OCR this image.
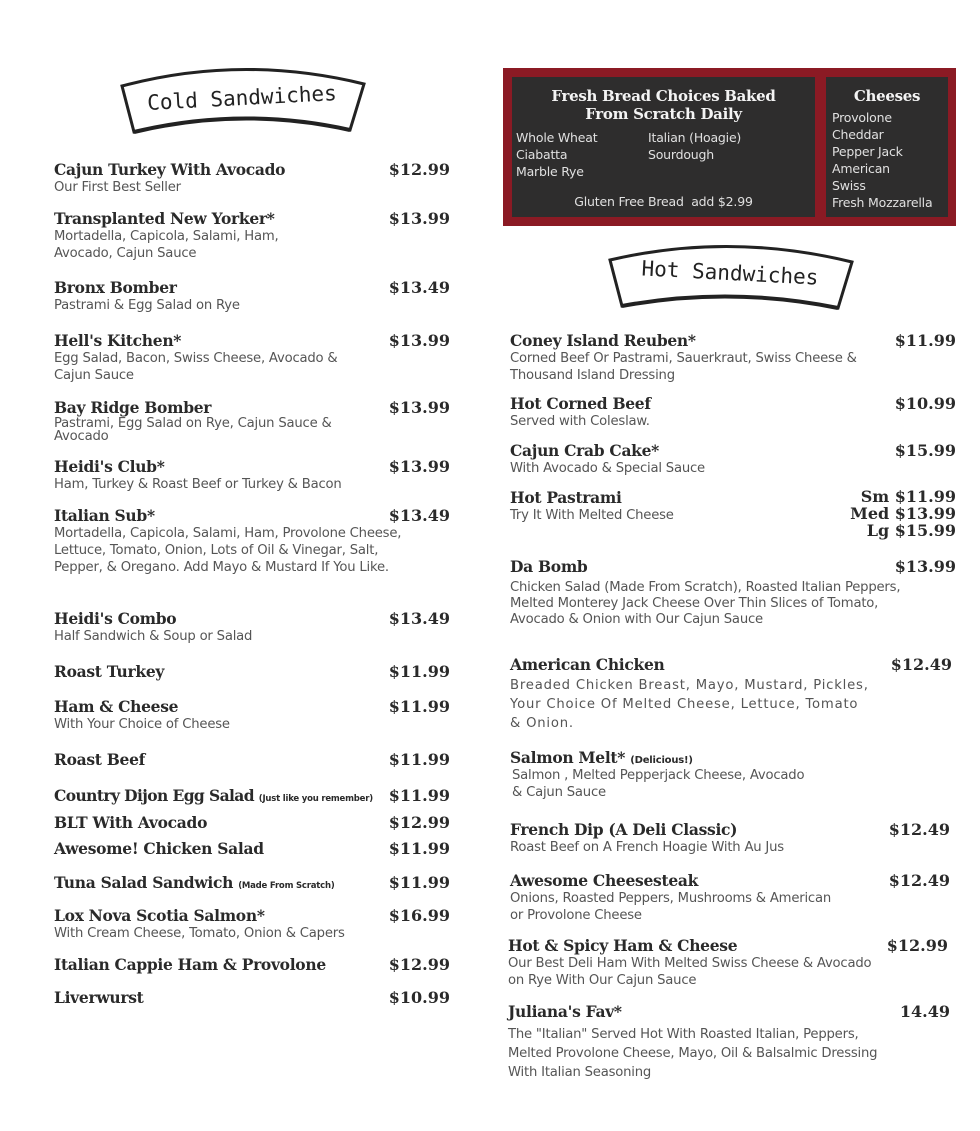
Cold Sandwiches
Cajun Turkey With Avocado	$12.99
Our First Best Seller
Transplanted New Yorker*	$13.99
Mortadella, Capicola, Salami, Ham, Avocado, Cajun Sauce
Bronx Bomber	$13.49
Pastrami & Egg Salad on Rye
Hell's Kitchen*	$13.99
Egg Salad, Bacon, Swiss Cheese, Avocado & Cajun Sauce
Bay Ridge Bomber	$13.99
Pastrami, Egg Salad on Rye, Cajun Sauce & Avocado
Heidi's Club*	$13.99
Ham, Turkey & Roast Beef or Turkey & Bacon
Italian Sub*	$13.49
Mortadella, Capicola, Salami, Ham, Provolone Cheese, Lettuce, Tomato, Onion, Lots of Oil & Vinegar, Salt, Pepper, & Oregano. Add Mayo & Mustard If You Like.
Heidi's Combo	$13.49
Half Sandwich & Soup or Salad
Roast Turkey	$11.99
Ham & Cheese	$11.99
With Your Choice of Cheese
Roast Beef	$11.99
Country Dijon Egg Salad (Just like you remember) $11.99
BLT With Avocado	$12.99
Awesome! Chicken Salad	$11.99
Tuna Salad Sandwich (Made From Scratch)	$11.99
Lox Nova Scotia Salmon*	$16.99
With Cream Cheese, Tomato, Onion & Capers
Italian Cappie Ham & Provolone	$12.99
Liverwurst	$10.99
Fresh Bread Choices Baked
From Scratch Daily
Whole Wheat
Ciabatta
Marble Rye
Italian (Hoagie)
Sourdough
Gluten Free Bread  add $2.99
Cheeses
Provolone
Cheddar
Pepper Jack
American
Swiss
Fresh Mozzarella
Hot Sandwiches
Coney Island Reuben*	$11.99
Corned Beef Or Pastrami, Sauerkraut, Swiss Cheese & Thousand Island Dressing
Hot Corned Beef	$10.99
Served with Coleslaw.
Cajun Crab Cake*	$15.99
With Avocado & Special Sauce
Hot Pastrami
Try It With Melted Cheese
Sm $11.99
Med $13.99
Lg $15.99
Da Bomb	$13.99
Chicken Salad (Made From Scratch), Roasted Italian Peppers, Melted Monterey Jack Cheese Over Thin Slices of Tomato, Avocado & Onion with Our Cajun Sauce
American Chicken	$12.49
Breaded Chicken Breast, Mayo, Mustard, Pickles, Your Choice Of Melted Cheese, Lettuce, Tomato & Onion.
Salmon Melt* (Delicious!)
Salmon , Melted Pepperjack Cheese, Avocado & Cajun Sauce
French Dip (A Deli Classic)	$12.49
Roast Beef on A French Hoagie With Au Jus
Awesome Cheesesteak	$12.49
Onions, Roasted Peppers, Mushrooms & American or Provolone Cheese
Hot & Spicy Ham & Cheese	$12.99
Our Best Deli Ham With Melted Swiss Cheese & Avocado on Rye With Our Cajun Sauce
Juliana's Fav*	14.49
The "Italian" Served Hot With Roasted Italian, Peppers, Melted Provolone Cheese, Mayo, Oil & Balsalmic Dressing With Italian Seasoning
